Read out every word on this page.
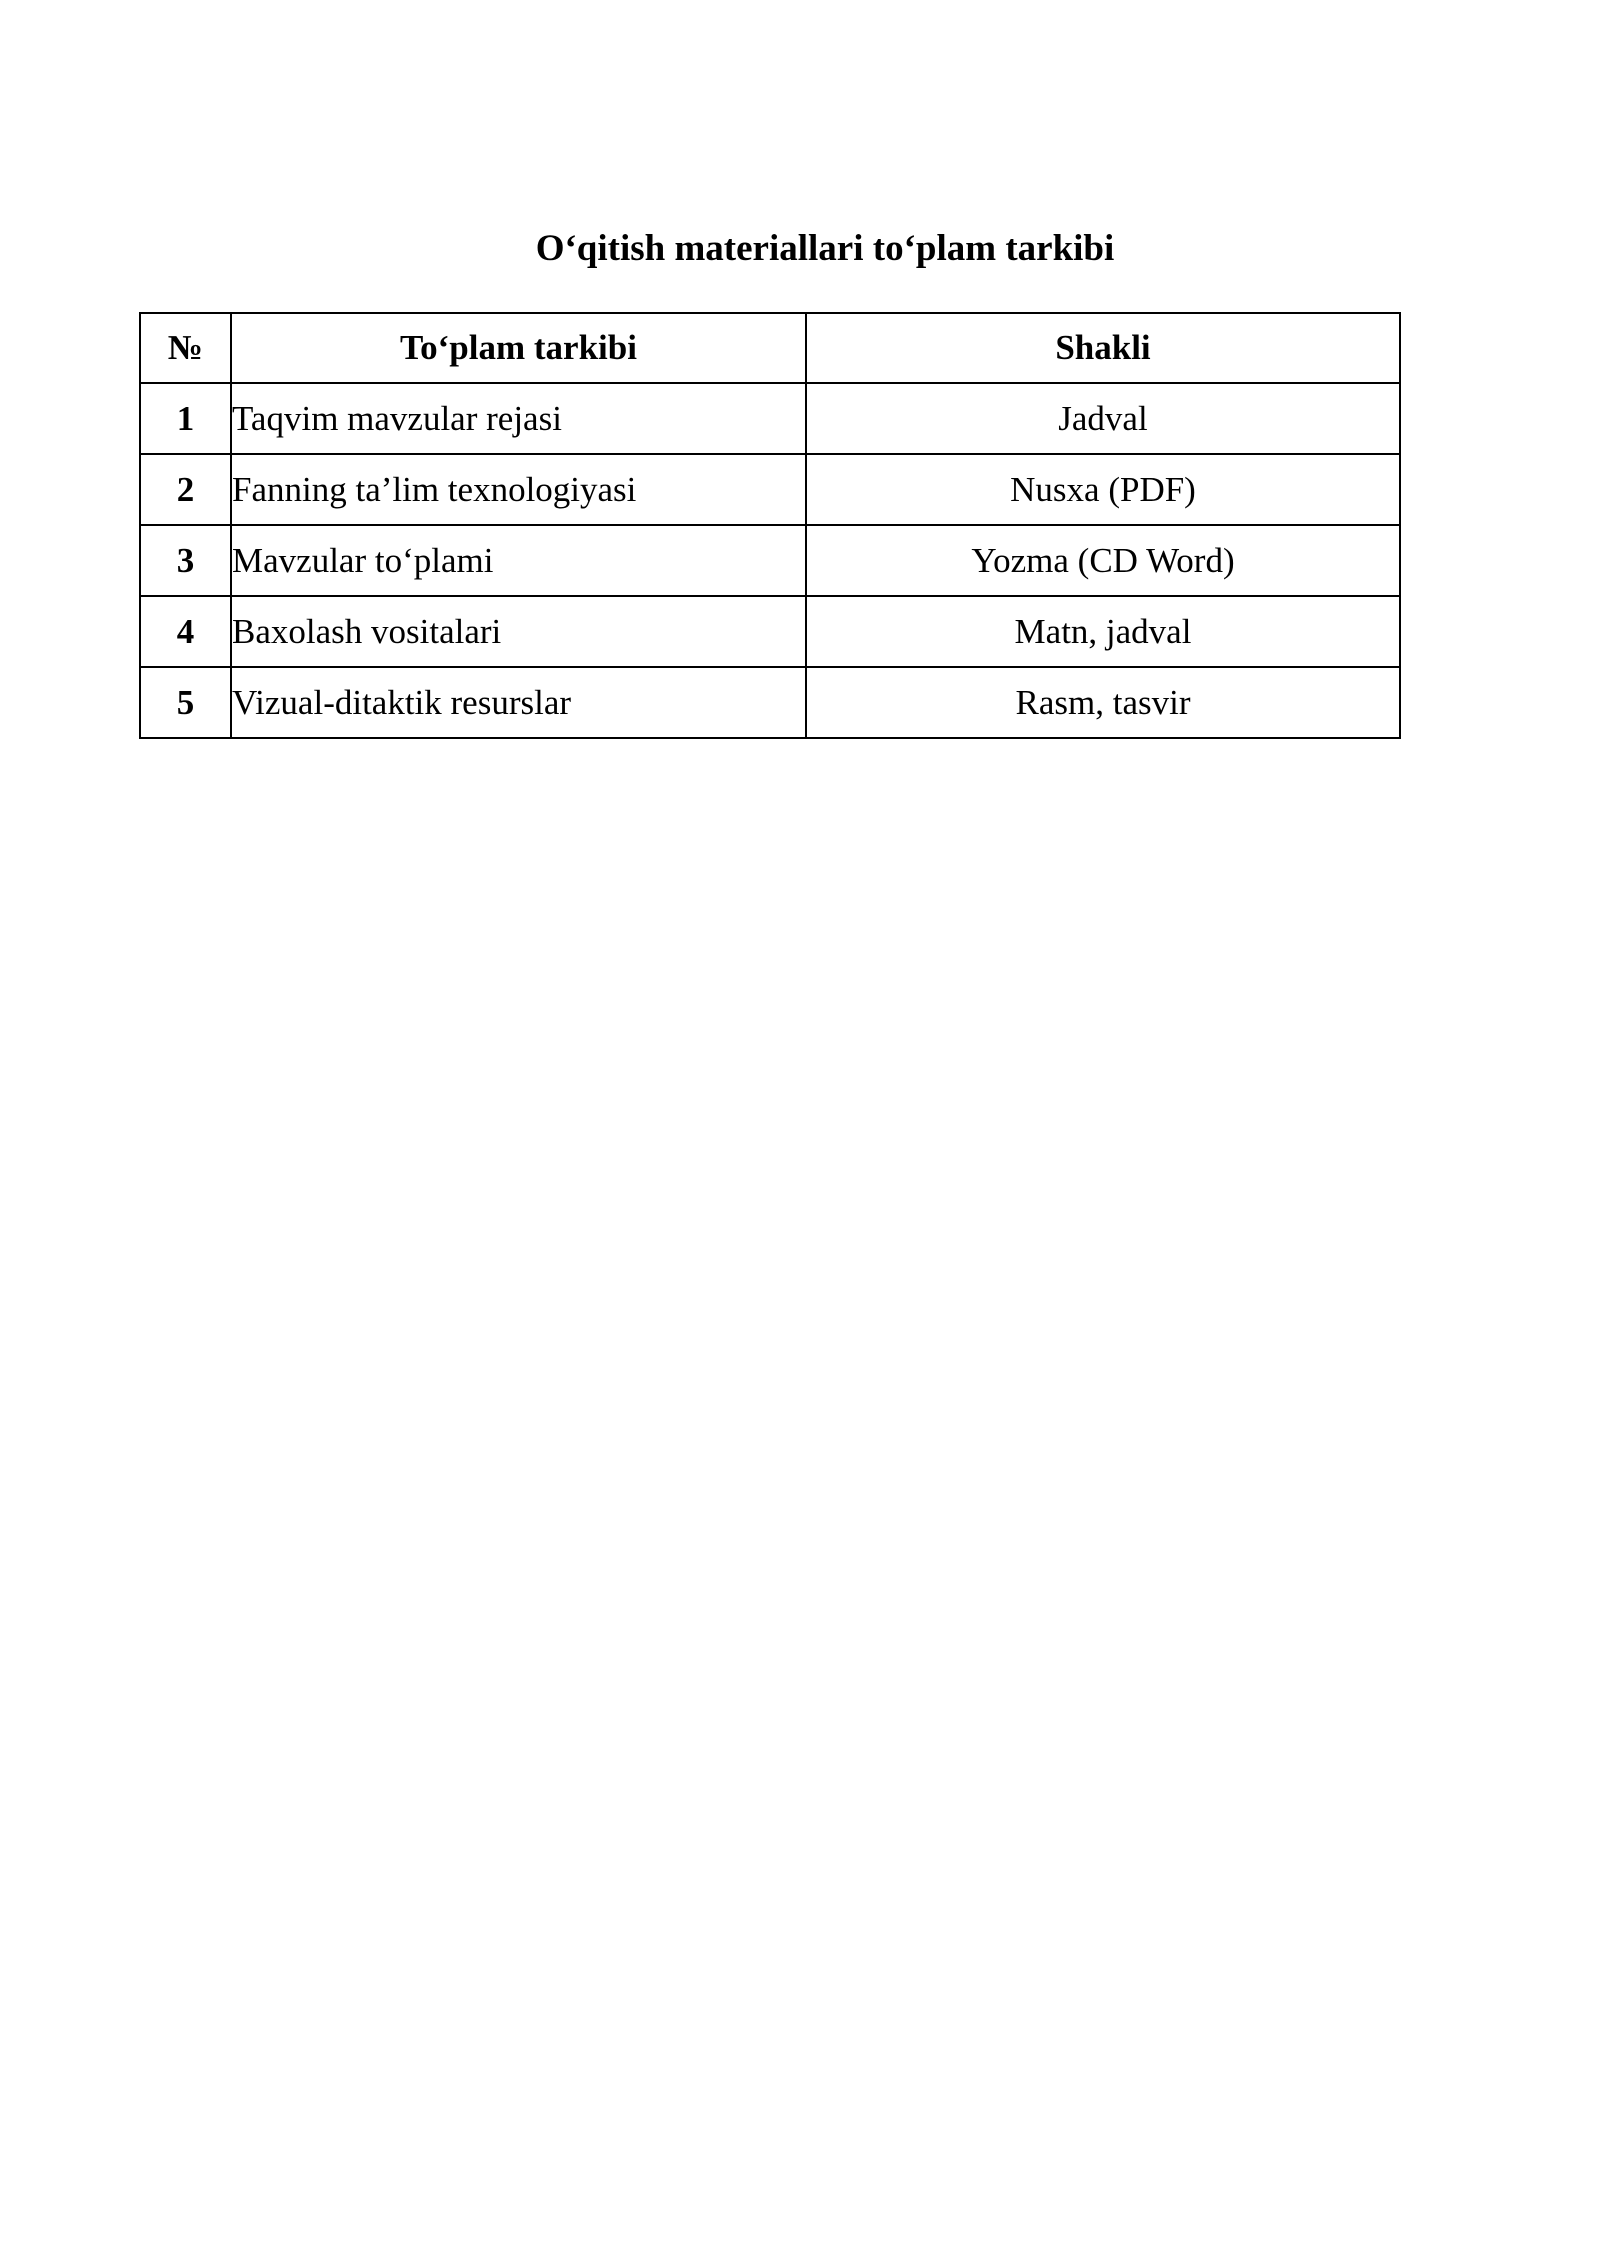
O‘qitish materiallari to‘plam tarkibi
№	To‘plam tarkibi	Shakli
1	Taqvim mavzular rejasi	Jadval
2	Fanning ta’lim texnologiyasi	Nusxa (PDF)
3	Mavzular to‘plami	Yozma (CD Word)
4	Baxolash vositalari	Matn, jadval
5	Vizual-ditaktik resurslar	Rasm, tasvir
